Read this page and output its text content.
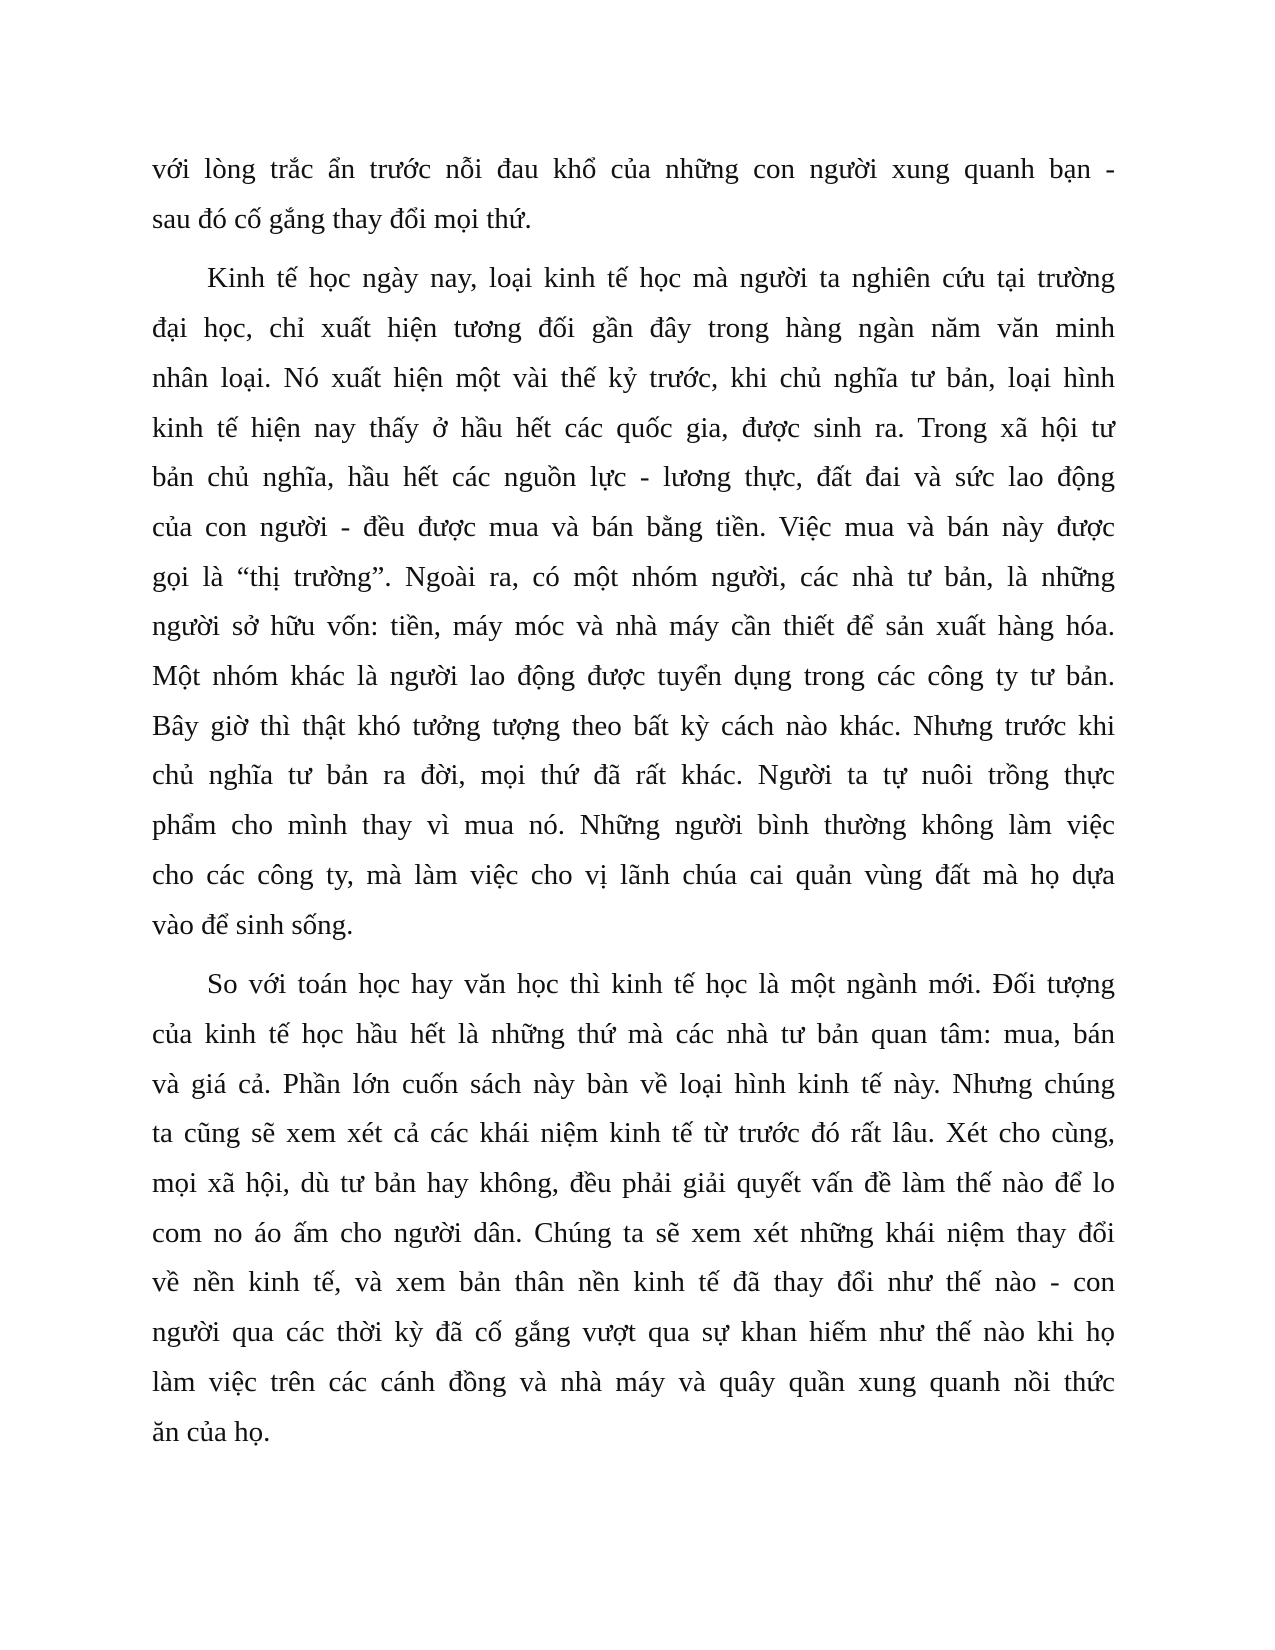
với lòng trắc ẩn trước nỗi đau khổ của những con người xung quanh bạn -
sau đó cố gắng thay đổi mọi thứ.
Kinh tế học ngày nay, loại kinh tế học mà người ta nghiên cứu tại trường
đại học, chỉ xuất hiện tương đối gần đây trong hàng ngàn năm văn minh
nhân loại. Nó xuất hiện một vài thế kỷ trước, khi chủ nghĩa tư bản, loại hình
kinh tế hiện nay thấy ở hầu hết các quốc gia, được sinh ra. Trong xã hội tư
bản chủ nghĩa, hầu hết các nguồn lực - lương thực, đất đai và sức lao động
của con người - đều được mua và bán bằng tiền. Việc mua và bán này được
gọi là “thị trường”. Ngoài ra, có một nhóm người, các nhà tư bản, là những
người sở hữu vốn: tiền, máy móc và nhà máy cần thiết để sản xuất hàng hóa.
Một nhóm khác là người lao động được tuyển dụng trong các công ty tư bản.
Bây giờ thì thật khó tưởng tượng theo bất kỳ cách nào khác. Nhưng trước khi
chủ nghĩa tư bản ra đời, mọi thứ đã rất khác. Người ta tự nuôi trồng thực
phẩm cho mình thay vì mua nó. Những người bình thường không làm việc
cho các công ty, mà làm việc cho vị lãnh chúa cai quản vùng đất mà họ dựa
vào để sinh sống.
So với toán học hay văn học thì kinh tế học là một ngành mới. Đối tượng
của kinh tế học hầu hết là những thứ mà các nhà tư bản quan tâm: mua, bán
và giá cả. Phần lớn cuốn sách này bàn về loại hình kinh tế này. Nhưng chúng
ta cũng sẽ xem xét cả các khái niệm kinh tế từ trước đó rất lâu. Xét cho cùng,
mọi xã hội, dù tư bản hay không, đều phải giải quyết vấn đề làm thế nào để lo
com no áo ấm cho người dân. Chúng ta sẽ xem xét những khái niệm thay đổi
về nền kinh tế, và xem bản thân nền kinh tế đã thay đổi như thế nào - con
người qua các thời kỳ đã cố gắng vượt qua sự khan hiếm như thế nào khi họ
làm việc trên các cánh đồng và nhà máy và quây quần xung quanh nồi thức
ăn của họ.
